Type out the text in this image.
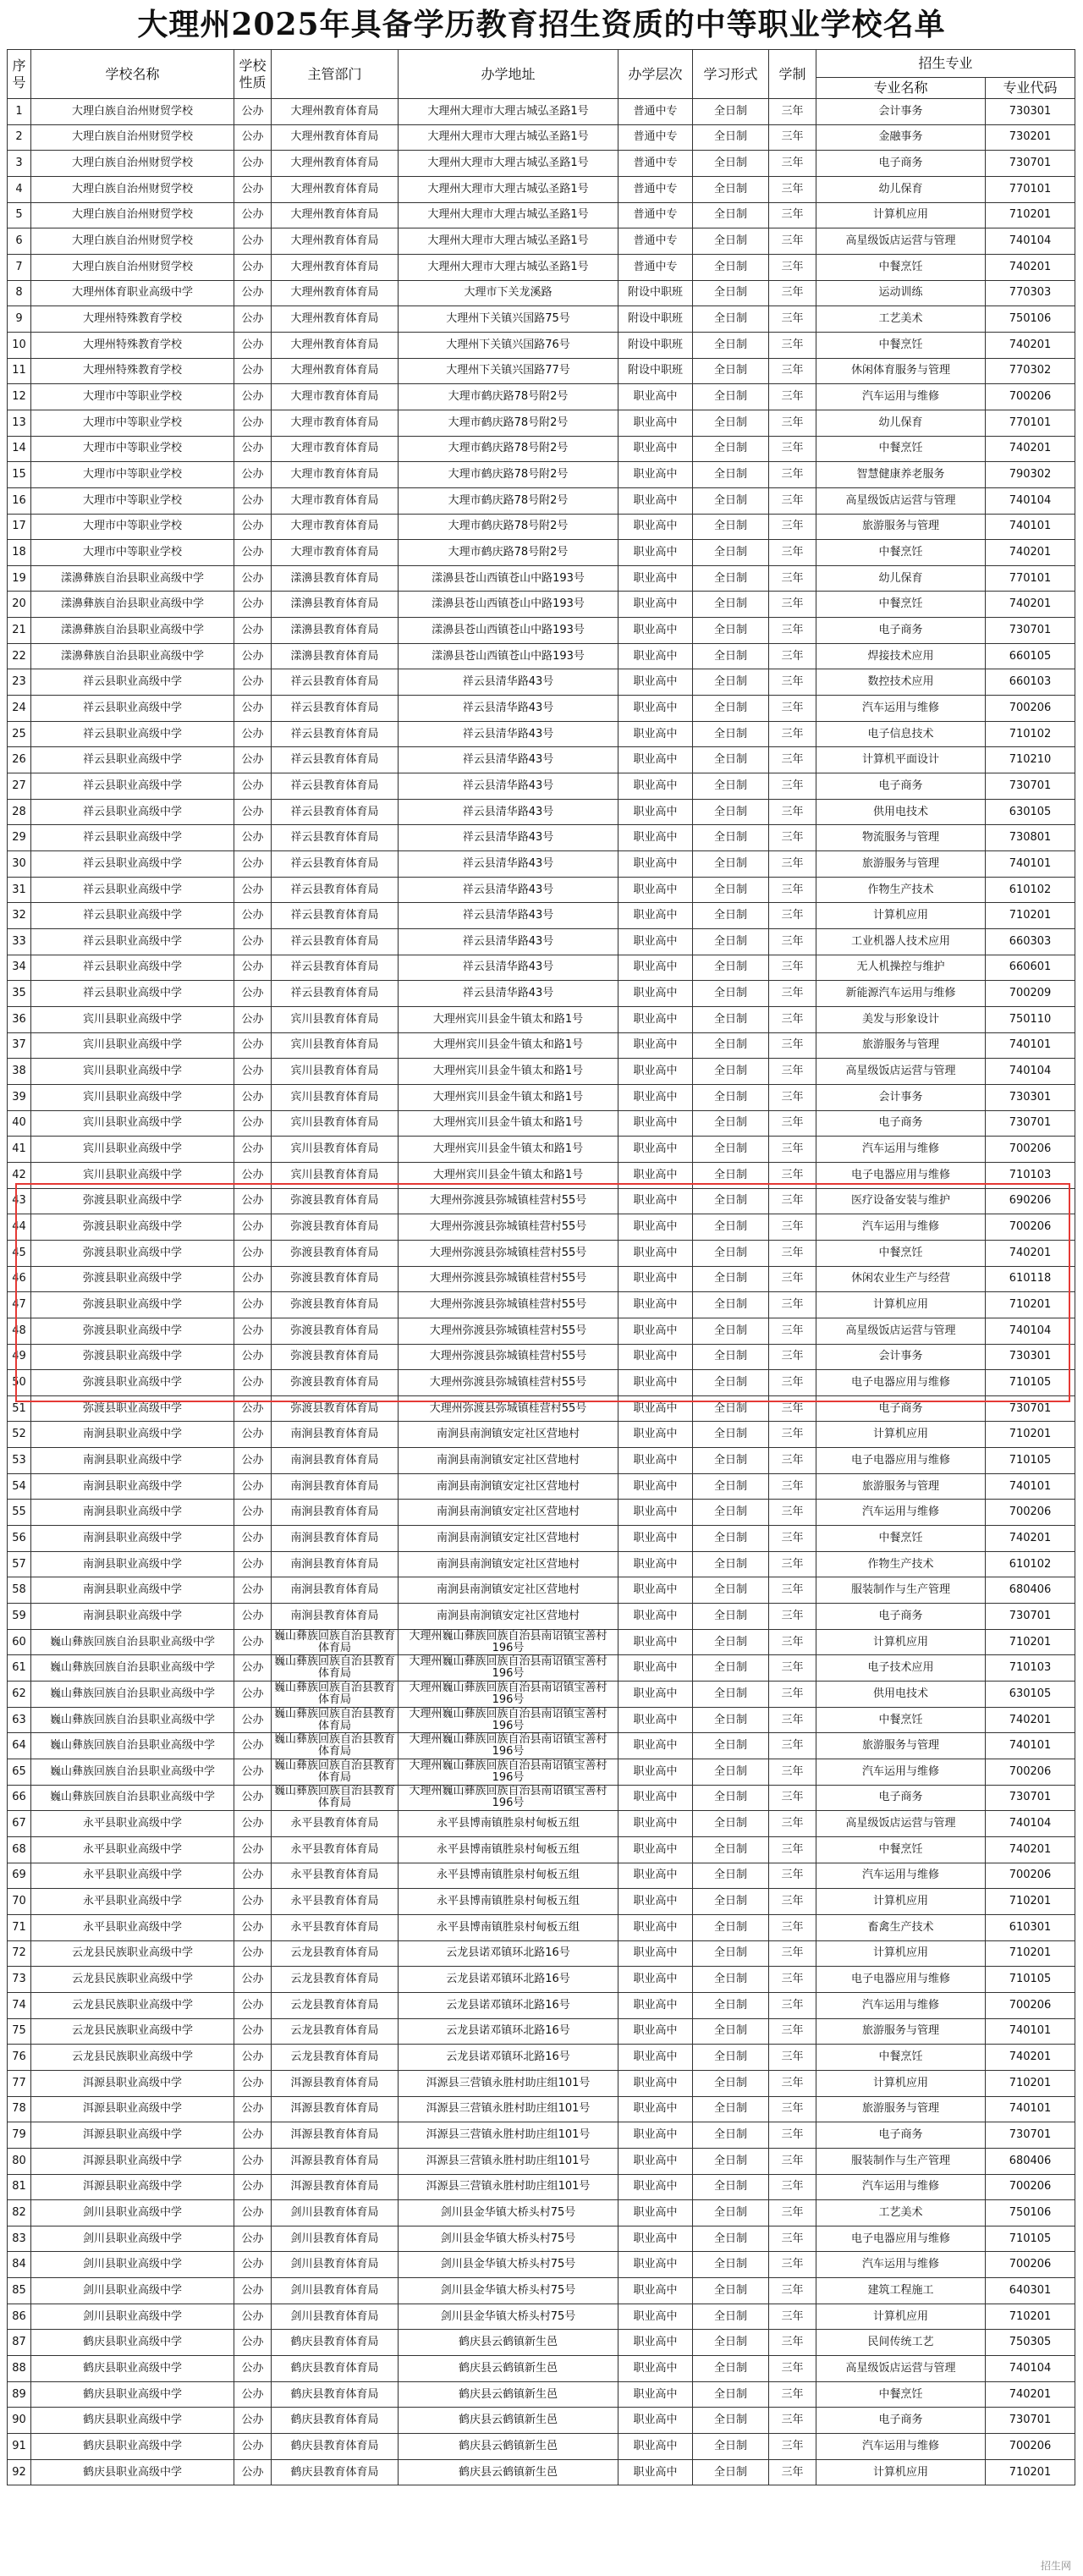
大理州2025年具备学历教育招生资质的中等职业学校名单
序号	学校名称	学校性质	主管部门	办学地址	办学层次	学习形式	学制	招生专业	
								专业名称	专业代码
1	大理白族自治州财贸学校	公办	大理州教育体育局	大理州大理市大理古城弘圣路1号	普通中专	全日制	三年	会计事务	730301
2	大理白族自治州财贸学校	公办	大理州教育体育局	大理州大理市大理古城弘圣路1号	普通中专	全日制	三年	金融事务	730201
3	大理白族自治州财贸学校	公办	大理州教育体育局	大理州大理市大理古城弘圣路1号	普通中专	全日制	三年	电子商务	730701
4	大理白族自治州财贸学校	公办	大理州教育体育局	大理州大理市大理古城弘圣路1号	普通中专	全日制	三年	幼儿保育	770101
5	大理白族自治州财贸学校	公办	大理州教育体育局	大理州大理市大理古城弘圣路1号	普通中专	全日制	三年	计算机应用	710201
6	大理白族自治州财贸学校	公办	大理州教育体育局	大理州大理市大理古城弘圣路1号	普通中专	全日制	三年	高星级饭店运营与管理	740104
7	大理白族自治州财贸学校	公办	大理州教育体育局	大理州大理市大理古城弘圣路1号	普通中专	全日制	三年	中餐烹饪	740201
8	大理州体育职业高级中学	公办	大理州教育体育局	大理市下关龙溪路	附设中职班	全日制	三年	运动训练	770303
9	大理州特殊教育学校	公办	大理州教育体育局	大理州下关镇兴国路75号	附设中职班	全日制	三年	工艺美术	750106
10	大理州特殊教育学校	公办	大理州教育体育局	大理州下关镇兴国路76号	附设中职班	全日制	三年	中餐烹饪	740201
11	大理州特殊教育学校	公办	大理州教育体育局	大理州下关镇兴国路77号	附设中职班	全日制	三年	休闲体育服务与管理	770302
12	大理市中等职业学校	公办	大理市教育体育局	大理市鹤庆路78号附2号	职业高中	全日制	三年	汽车运用与维修	700206
13	大理市中等职业学校	公办	大理市教育体育局	大理市鹤庆路78号附2号	职业高中	全日制	三年	幼儿保育	770101
14	大理市中等职业学校	公办	大理市教育体育局	大理市鹤庆路78号附2号	职业高中	全日制	三年	中餐烹饪	740201
15	大理市中等职业学校	公办	大理市教育体育局	大理市鹤庆路78号附2号	职业高中	全日制	三年	智慧健康养老服务	790302
16	大理市中等职业学校	公办	大理市教育体育局	大理市鹤庆路78号附2号	职业高中	全日制	三年	高星级饭店运营与管理	740104
17	大理市中等职业学校	公办	大理市教育体育局	大理市鹤庆路78号附2号	职业高中	全日制	三年	旅游服务与管理	740101
18	大理市中等职业学校	公办	大理市教育体育局	大理市鹤庆路78号附2号	职业高中	全日制	三年	中餐烹饪	740201
19	漾濞彝族自治县职业高级中学	公办	漾濞县教育体育局	漾濞县苍山西镇苍山中路193号	职业高中	全日制	三年	幼儿保育	770101
20	漾濞彝族自治县职业高级中学	公办	漾濞县教育体育局	漾濞县苍山西镇苍山中路193号	职业高中	全日制	三年	中餐烹饪	740201
21	漾濞彝族自治县职业高级中学	公办	漾濞县教育体育局	漾濞县苍山西镇苍山中路193号	职业高中	全日制	三年	电子商务	730701
22	漾濞彝族自治县职业高级中学	公办	漾濞县教育体育局	漾濞县苍山西镇苍山中路193号	职业高中	全日制	三年	焊接技术应用	660105
23	祥云县职业高级中学	公办	祥云县教育体育局	祥云县清华路43号	职业高中	全日制	三年	数控技术应用	660103
24	祥云县职业高级中学	公办	祥云县教育体育局	祥云县清华路43号	职业高中	全日制	三年	汽车运用与维修	700206
25	祥云县职业高级中学	公办	祥云县教育体育局	祥云县清华路43号	职业高中	全日制	三年	电子信息技术	710102
26	祥云县职业高级中学	公办	祥云县教育体育局	祥云县清华路43号	职业高中	全日制	三年	计算机平面设计	710210
27	祥云县职业高级中学	公办	祥云县教育体育局	祥云县清华路43号	职业高中	全日制	三年	电子商务	730701
28	祥云县职业高级中学	公办	祥云县教育体育局	祥云县清华路43号	职业高中	全日制	三年	供用电技术	630105
29	祥云县职业高级中学	公办	祥云县教育体育局	祥云县清华路43号	职业高中	全日制	三年	物流服务与管理	730801
30	祥云县职业高级中学	公办	祥云县教育体育局	祥云县清华路43号	职业高中	全日制	三年	旅游服务与管理	740101
31	祥云县职业高级中学	公办	祥云县教育体育局	祥云县清华路43号	职业高中	全日制	三年	作物生产技术	610102
32	祥云县职业高级中学	公办	祥云县教育体育局	祥云县清华路43号	职业高中	全日制	三年	计算机应用	710201
33	祥云县职业高级中学	公办	祥云县教育体育局	祥云县清华路43号	职业高中	全日制	三年	工业机器人技术应用	660303
34	祥云县职业高级中学	公办	祥云县教育体育局	祥云县清华路43号	职业高中	全日制	三年	无人机操控与维护	660601
35	祥云县职业高级中学	公办	祥云县教育体育局	祥云县清华路43号	职业高中	全日制	三年	新能源汽车运用与维修	700209
36	宾川县职业高级中学	公办	宾川县教育体育局	大理州宾川县金牛镇太和路1号	职业高中	全日制	三年	美发与形象设计	750110
37	宾川县职业高级中学	公办	宾川县教育体育局	大理州宾川县金牛镇太和路1号	职业高中	全日制	三年	旅游服务与管理	740101
38	宾川县职业高级中学	公办	宾川县教育体育局	大理州宾川县金牛镇太和路1号	职业高中	全日制	三年	高星级饭店运营与管理	740104
39	宾川县职业高级中学	公办	宾川县教育体育局	大理州宾川县金牛镇太和路1号	职业高中	全日制	三年	会计事务	730301
40	宾川县职业高级中学	公办	宾川县教育体育局	大理州宾川县金牛镇太和路1号	职业高中	全日制	三年	电子商务	730701
41	宾川县职业高级中学	公办	宾川县教育体育局	大理州宾川县金牛镇太和路1号	职业高中	全日制	三年	汽车运用与维修	700206
42	宾川县职业高级中学	公办	宾川县教育体育局	大理州宾川县金牛镇太和路1号	职业高中	全日制	三年	电子电器应用与维修	710103
43	弥渡县职业高级中学	公办	弥渡县教育体育局	大理州弥渡县弥城镇桂营村55号	职业高中	全日制	三年	医疗设备安装与维护	690206
44	弥渡县职业高级中学	公办	弥渡县教育体育局	大理州弥渡县弥城镇桂营村55号	职业高中	全日制	三年	汽车运用与维修	700206
45	弥渡县职业高级中学	公办	弥渡县教育体育局	大理州弥渡县弥城镇桂营村55号	职业高中	全日制	三年	中餐烹饪	740201
46	弥渡县职业高级中学	公办	弥渡县教育体育局	大理州弥渡县弥城镇桂营村55号	职业高中	全日制	三年	休闲农业生产与经营	610118
47	弥渡县职业高级中学	公办	弥渡县教育体育局	大理州弥渡县弥城镇桂营村55号	职业高中	全日制	三年	计算机应用	710201
48	弥渡县职业高级中学	公办	弥渡县教育体育局	大理州弥渡县弥城镇桂营村55号	职业高中	全日制	三年	高星级饭店运营与管理	740104
49	弥渡县职业高级中学	公办	弥渡县教育体育局	大理州弥渡县弥城镇桂营村55号	职业高中	全日制	三年	会计事务	730301
50	弥渡县职业高级中学	公办	弥渡县教育体育局	大理州弥渡县弥城镇桂营村55号	职业高中	全日制	三年	电子电器应用与维修	710105
51	弥渡县职业高级中学	公办	弥渡县教育体育局	大理州弥渡县弥城镇桂营村55号	职业高中	全日制	三年	电子商务	730701
52	南涧县职业高级中学	公办	南涧县教育体育局	南涧县南涧镇安定社区营地村	职业高中	全日制	三年	计算机应用	710201
53	南涧县职业高级中学	公办	南涧县教育体育局	南涧县南涧镇安定社区营地村	职业高中	全日制	三年	电子电器应用与维修	710105
54	南涧县职业高级中学	公办	南涧县教育体育局	南涧县南涧镇安定社区营地村	职业高中	全日制	三年	旅游服务与管理	740101
55	南涧县职业高级中学	公办	南涧县教育体育局	南涧县南涧镇安定社区营地村	职业高中	全日制	三年	汽车运用与维修	700206
56	南涧县职业高级中学	公办	南涧县教育体育局	南涧县南涧镇安定社区营地村	职业高中	全日制	三年	中餐烹饪	740201
57	南涧县职业高级中学	公办	南涧县教育体育局	南涧县南涧镇安定社区营地村	职业高中	全日制	三年	作物生产技术	610102
58	南涧县职业高级中学	公办	南涧县教育体育局	南涧县南涧镇安定社区营地村	职业高中	全日制	三年	服装制作与生产管理	680406
59	南涧县职业高级中学	公办	南涧县教育体育局	南涧县南涧镇安定社区营地村	职业高中	全日制	三年	电子商务	730701
60	巍山彝族回族自治县职业高级中学	公办	巍山彝族回族自治县教育体育局	大理州巍山彝族回族自治县南诏镇宝善村196号	职业高中	全日制	三年	计算机应用	710201
61	巍山彝族回族自治县职业高级中学	公办	巍山彝族回族自治县教育体育局	大理州巍山彝族回族自治县南诏镇宝善村196号	职业高中	全日制	三年	电子技术应用	710103
62	巍山彝族回族自治县职业高级中学	公办	巍山彝族回族自治县教育体育局	大理州巍山彝族回族自治县南诏镇宝善村196号	职业高中	全日制	三年	供用电技术	630105
63	巍山彝族回族自治县职业高级中学	公办	巍山彝族回族自治县教育体育局	大理州巍山彝族回族自治县南诏镇宝善村196号	职业高中	全日制	三年	中餐烹饪	740201
64	巍山彝族回族自治县职业高级中学	公办	巍山彝族回族自治县教育体育局	大理州巍山彝族回族自治县南诏镇宝善村196号	职业高中	全日制	三年	旅游服务与管理	740101
65	巍山彝族回族自治县职业高级中学	公办	巍山彝族回族自治县教育体育局	大理州巍山彝族回族自治县南诏镇宝善村196号	职业高中	全日制	三年	汽车运用与维修	700206
66	巍山彝族回族自治县职业高级中学	公办	巍山彝族回族自治县教育体育局	大理州巍山彝族回族自治县南诏镇宝善村196号	职业高中	全日制	三年	电子商务	730701
67	永平县职业高级中学	公办	永平县教育体育局	永平县博南镇胜泉村甸板五组	职业高中	全日制	三年	高星级饭店运营与管理	740104
68	永平县职业高级中学	公办	永平县教育体育局	永平县博南镇胜泉村甸板五组	职业高中	全日制	三年	中餐烹饪	740201
69	永平县职业高级中学	公办	永平县教育体育局	永平县博南镇胜泉村甸板五组	职业高中	全日制	三年	汽车运用与维修	700206
70	永平县职业高级中学	公办	永平县教育体育局	永平县博南镇胜泉村甸板五组	职业高中	全日制	三年	计算机应用	710201
71	永平县职业高级中学	公办	永平县教育体育局	永平县博南镇胜泉村甸板五组	职业高中	全日制	三年	畜禽生产技术	610301
72	云龙县民族职业高级中学	公办	云龙县教育体育局	云龙县诺邓镇环北路16号	职业高中	全日制	三年	计算机应用	710201
73	云龙县民族职业高级中学	公办	云龙县教育体育局	云龙县诺邓镇环北路16号	职业高中	全日制	三年	电子电器应用与维修	710105
74	云龙县民族职业高级中学	公办	云龙县教育体育局	云龙县诺邓镇环北路16号	职业高中	全日制	三年	汽车运用与维修	700206
75	云龙县民族职业高级中学	公办	云龙县教育体育局	云龙县诺邓镇环北路16号	职业高中	全日制	三年	旅游服务与管理	740101
76	云龙县民族职业高级中学	公办	云龙县教育体育局	云龙县诺邓镇环北路16号	职业高中	全日制	三年	中餐烹饪	740201
77	洱源县职业高级中学	公办	洱源县教育体育局	洱源县三营镇永胜村助庄组101号	职业高中	全日制	三年	计算机应用	710201
78	洱源县职业高级中学	公办	洱源县教育体育局	洱源县三营镇永胜村助庄组101号	职业高中	全日制	三年	旅游服务与管理	740101
79	洱源县职业高级中学	公办	洱源县教育体育局	洱源县三营镇永胜村助庄组101号	职业高中	全日制	三年	电子商务	730701
80	洱源县职业高级中学	公办	洱源县教育体育局	洱源县三营镇永胜村助庄组101号	职业高中	全日制	三年	服装制作与生产管理	680406
81	洱源县职业高级中学	公办	洱源县教育体育局	洱源县三营镇永胜村助庄组101号	职业高中	全日制	三年	汽车运用与维修	700206
82	剑川县职业高级中学	公办	剑川县教育体育局	剑川县金华镇大桥头村75号	职业高中	全日制	三年	工艺美术	750106
83	剑川县职业高级中学	公办	剑川县教育体育局	剑川县金华镇大桥头村75号	职业高中	全日制	三年	电子电器应用与维修	710105
84	剑川县职业高级中学	公办	剑川县教育体育局	剑川县金华镇大桥头村75号	职业高中	全日制	三年	汽车运用与维修	700206
85	剑川县职业高级中学	公办	剑川县教育体育局	剑川县金华镇大桥头村75号	职业高中	全日制	三年	建筑工程施工	640301
86	剑川县职业高级中学	公办	剑川县教育体育局	剑川县金华镇大桥头村75号	职业高中	全日制	三年	计算机应用	710201
87	鹤庆县职业高级中学	公办	鹤庆县教育体育局	鹤庆县云鹤镇新生邑	职业高中	全日制	三年	民间传统工艺	750305
88	鹤庆县职业高级中学	公办	鹤庆县教育体育局	鹤庆县云鹤镇新生邑	职业高中	全日制	三年	高星级饭店运营与管理	740104
89	鹤庆县职业高级中学	公办	鹤庆县教育体育局	鹤庆县云鹤镇新生邑	职业高中	全日制	三年	中餐烹饪	740201
90	鹤庆县职业高级中学	公办	鹤庆县教育体育局	鹤庆县云鹤镇新生邑	职业高中	全日制	三年	电子商务	730701
91	鹤庆县职业高级中学	公办	鹤庆县教育体育局	鹤庆县云鹤镇新生邑	职业高中	全日制	三年	汽车运用与维修	700206
92	鹤庆县职业高级中学	公办	鹤庆县教育体育局	鹤庆县云鹤镇新生邑	职业高中	全日制	三年	计算机应用	710201
招生网
